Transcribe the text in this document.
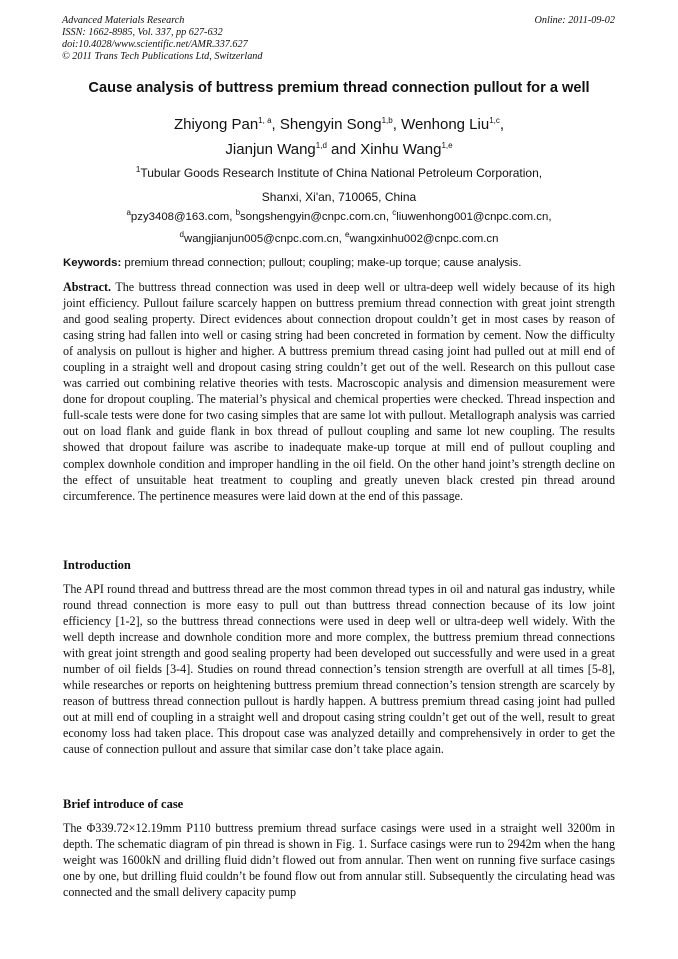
Advanced Materials Research
ISSN: 1662-8985, Vol. 337, pp 627-632
doi:10.4028/www.scientific.net/AMR.337.627
© 2011 Trans Tech Publications Ltd, Switzerland
Online: 2011-09-02
Cause analysis of buttress premium thread connection pullout for a well
Zhiyong Pan$^{1, a}$, Shengyin Song$^{1,b}$, Wenhong Liu$^{1,c}$,
Jianjun Wang$^{1,d}$ and Xinhu Wang$^{1,e}$
$^1$Tubular Goods Research Institute of China National Petroleum Corporation,
Shanxi, Xi'an, 710065, China
$^a$pzy3408@163.com, $^b$songshengyin@cnpc.com.cn, $^c$liuwenhong001@cnpc.com.cn,
$^d$wangjianjun005@cnpc.com.cn, $^e$wangxinhu002@cnpc.com.cn
Keywords: premium thread connection; pullout; coupling; make-up torque; cause analysis.
Abstract. The buttress thread connection was used in deep well or ultra-deep well widely because of its high joint efficiency. Pullout failure scarcely happen on buttress premium thread connection with great joint strength and good sealing property. Direct evidences about connection dropout couldn’t get in most cases by reason of casing string had fallen into well or casing string had been concreted in formation by cement. Now the difficulty of analysis on pullout is higher and higher. A buttress premium thread casing joint had pulled out at mill end of coupling in a straight well and dropout casing string couldn’t get out of the well. Research on this pullout case was carried out combining relative theories with tests. Macroscopic analysis and dimension measurement were done for dropout coupling. The material’s physical and chemical properties were checked. Thread inspection and full-scale tests were done for two casing simples that are same lot with pullout. Metallograph analysis was carried out on load flank and guide flank in box thread of pullout coupling and same lot new coupling. The results showed that dropout failure was ascribe to inadequate make-up torque at mill end of pullout coupling and complex downhole condition and improper handling in the oil field. On the other hand joint’s strength decline on the effect of unsuitable heat treatment to coupling and greatly uneven black crested pin thread around circumference. The pertinence measures were laid down at the end of this passage.
Introduction
The API round thread and buttress thread are the most common thread types in oil and natural gas industry, while round thread connection is more easy to pull out than buttress thread connection because of its low joint efficiency [1-2], so the buttress thread connections were used in deep well or ultra-deep well widely. With the well depth increase and downhole condition more and more complex, the buttress premium thread connections with great joint strength and good sealing property had been developed out successfully and were used in a great number of oil fields [3-4]. Studies on round thread connection’s tension strength are overfull at all times [5-8], while researches or reports on heightening buttress premium thread connection’s tension strength are scarcely by reason of buttress thread connection pullout is hardly happen. A buttress premium thread casing joint had pulled out at mill end of coupling in a straight well and dropout casing string couldn’t get out of the well, result to great economy loss had taken place. This dropout case was analyzed detailly and comprehensively in order to get the cause of connection pullout and assure that similar case don’t take place again.
Brief introduce of case
The Φ339.72×12.19mm P110 buttress premium thread surface casings were used in a straight well 3200m in depth. The schematic diagram of pin thread is shown in Fig. 1. Surface casings were run to 2942m when the hang weight was 1600kN and drilling fluid didn’t flowed out from annular. Then went on running five surface casings one by one, but drilling fluid couldn’t be found flow out from annular still. Subsequently the circulating head was connected and the small delivery capacity pump
